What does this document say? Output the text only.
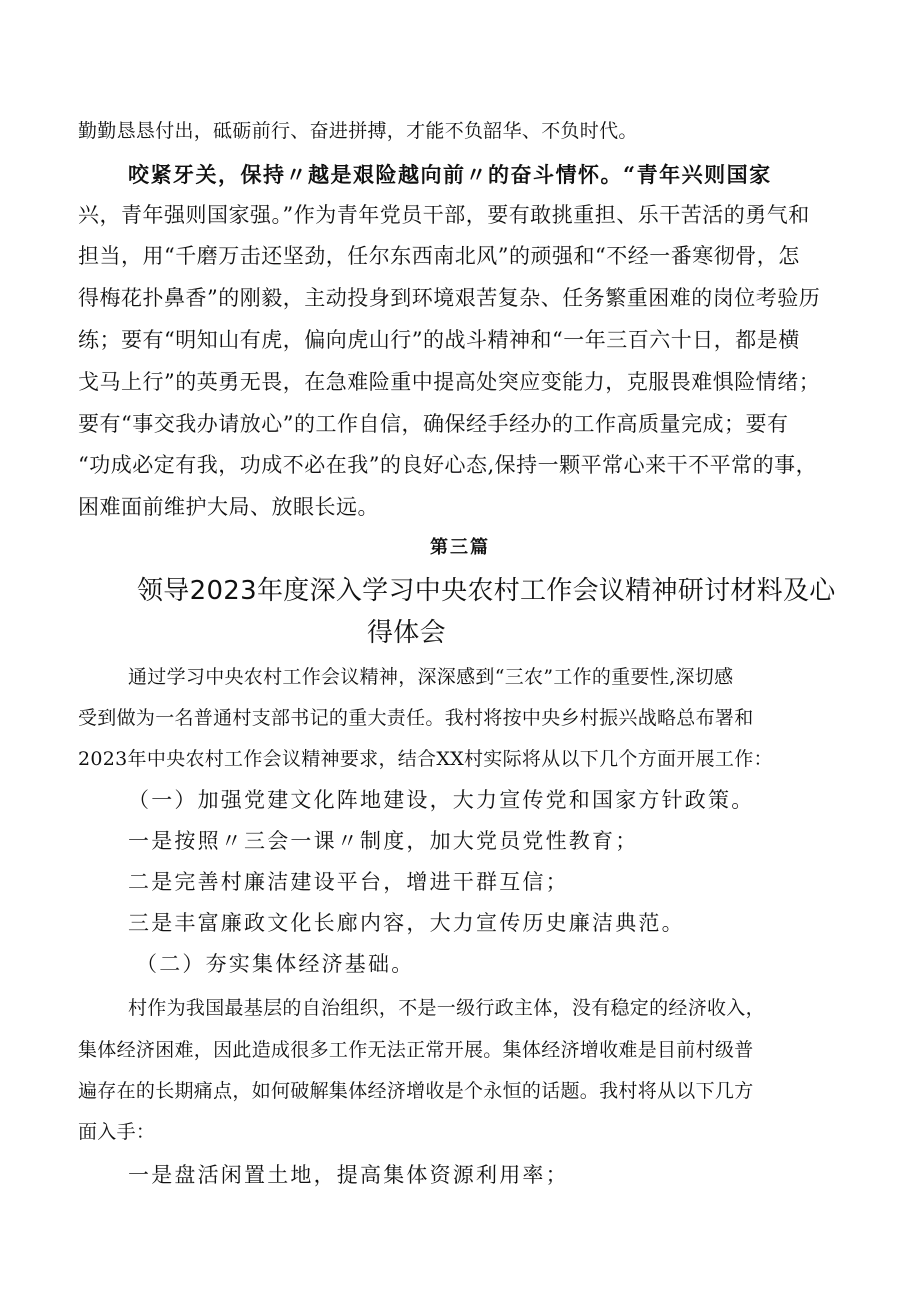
勤勤恳恳付出，砥砺前行、奋进拼搏，才能不负韶华、不负时代。
咬紧牙关，保持〃越是艰险越向前〃的奋斗情怀。“青年兴则国家
兴，青年强则国家强。”作为青年党员干部，要有敢挑重担、乐干苦活的勇气和
担当，用“千磨万击还坚劲，任尔东西南北风”的顽强和“不经一番寒彻骨，怎
得梅花扑鼻香”的刚毅，主动投身到环境艰苦复杂、任务繁重困难的岗位考验历
练；要有“明知山有虎，偏向虎山行”的战斗精神和“一年三百六十日，都是横
戈马上行”的英勇无畏，在急难险重中提高处突应变能力，克服畏难惧险情绪；
要有“事交我办请放心”的工作自信，确保经手经办的工作高质量完成；要有
“功成必定有我，功成不必在我”的良好心态,保持一颗平常心来干不平常的事，
困难面前维护大局、放眼长远。
第三篇
领导2023年度深入学习中央农村工作会议精神研讨材料及心
得体会
通过学习中央农村工作会议精神，深深感到“三农”工作的重要性,深切感
受到做为一名普通村支部书记的重大责任。我村将按中央乡村振兴战略总布署和
2023年中央农村工作会议精神要求，结合XX村实际将从以下几个方面开展工作：
（一）加强党建文化阵地建设，大力宣传党和国家方针政策。
一是按照〃三会一课〃制度，加大党员党性教育；
二是完善村廉洁建设平台，增进干群互信；
三是丰富廉政文化长廊内容，大力宣传历史廉洁典范。
（二）夯实集体经济基础。
村作为我国最基层的自治组织，不是一级行政主体，没有稳定的经济收入，
集体经济困难，因此造成很多工作无法正常开展。集体经济增收难是目前村级普
遍存在的长期痛点，如何破解集体经济增收是个永恒的话题。我村将从以下几方
面入手：
一是盘活闲置土地，提高集体资源利用率；
